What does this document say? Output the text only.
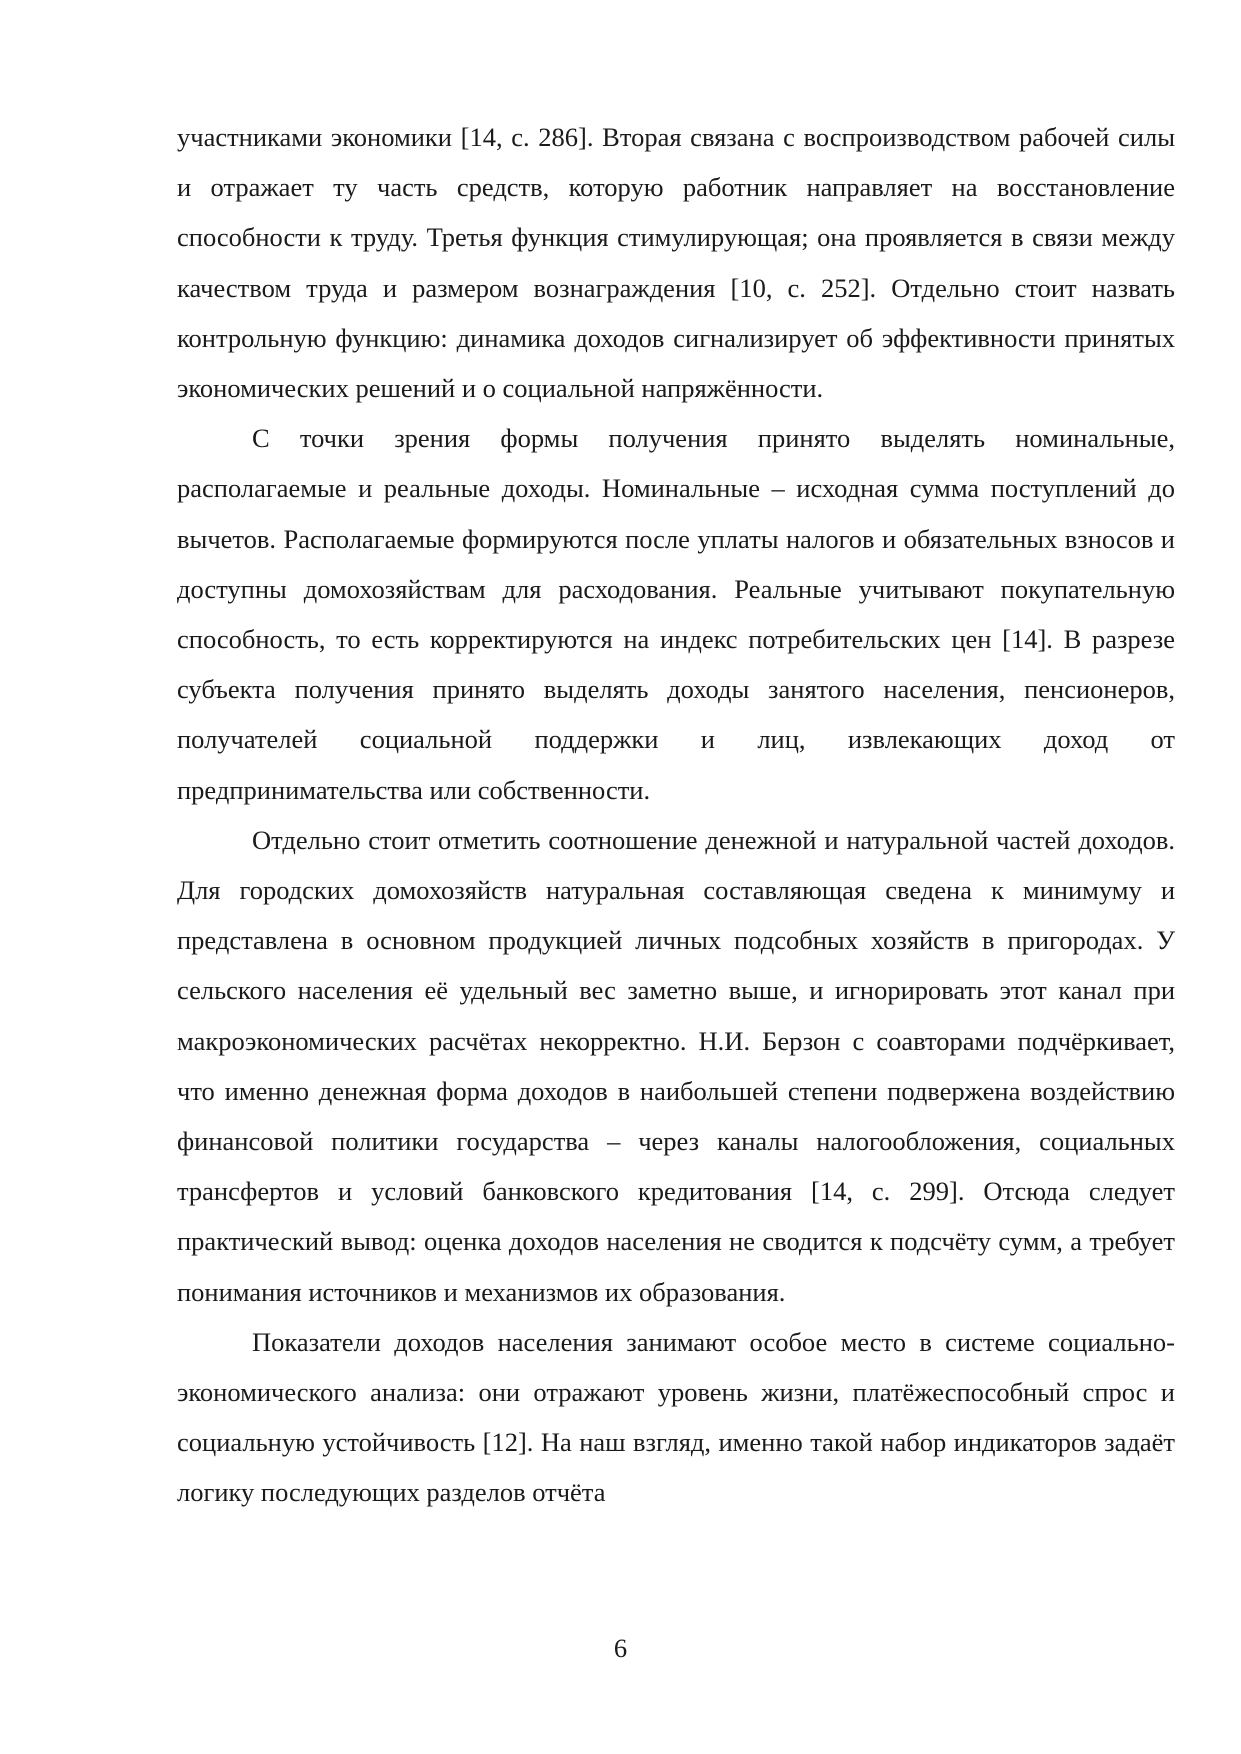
участниками экономики [14, с. 286]. Вторая связана с воспроизводством рабочей силы и отражает ту часть средств, которую работник направляет на восстановление способности к труду. Третья функция стимулирующая; она проявляется в связи между качеством труда и размером вознаграждения [10, с. 252]. Отдельно стоит назвать контрольную функцию: динамика доходов сигнализирует об эффективности принятых экономических решений и о социальной напряжённости.

С точки зрения формы получения принято выделять номинальные, располагаемые и реальные доходы. Номинальные – исходная сумма поступлений до вычетов. Располагаемые формируются после уплаты налогов и обязательных взносов и доступны домохозяйствам для расходования. Реальные учитывают покупательную способность, то есть корректируются на индекс потребительских цен [14]. В разрезе субъекта получения принято выделять доходы занятого населения, пенсионеров, получателей социальной поддержки и лиц, извлекающих доход от предпринимательства или собственности.

Отдельно стоит отметить соотношение денежной и натуральной частей доходов. Для городских домохозяйств натуральная составляющая сведена к минимуму и представлена в основном продукцией личных подсобных хозяйств в пригородах. У сельского населения её удельный вес заметно выше, и игнорировать этот канал при макроэкономических расчётах некорректно. Н.И. Берзон с соавторами подчёркивает, что именно денежная форма доходов в наибольшей степени подвержена воздействию финансовой политики государства – через каналы налогообложения, социальных трансфертов и условий банковского кредитования [14, с. 299]. Отсюда следует практический вывод: оценка доходов населения не сводится к подсчёту сумм, а требует понимания источников и механизмов их образования.

Показатели доходов населения занимают особое место в системе социально-экономического анализа: они отражают уровень жизни, платёжеспособный спрос и социальную устойчивость [12]. На наш взгляд, именно такой набор индикаторов задаёт логику последующих разделов отчёта

6
